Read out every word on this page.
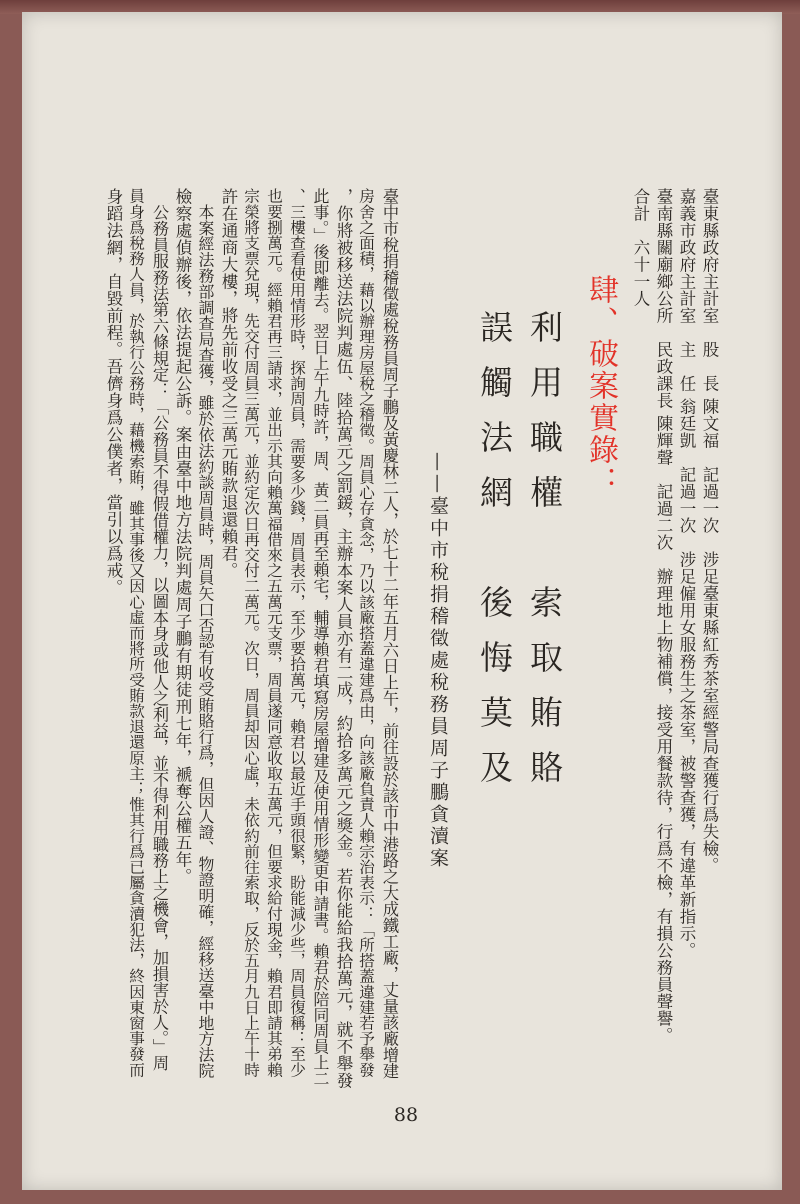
臺東縣政府主計室　股　長 陳文福　記過一次　涉足臺東縣紅秀茶室經警局查獲行爲失檢。
嘉義市政府主計室　主　任 翁廷凱　記過一次　涉足僱用女服務生之茶室，被警查獲，有違革新指示。
臺南縣關廟鄉公所　民政課長 陳輝聲　記過二次　辦理地上物補償，接受用餐款待，行爲不檢，有損公務員聲譽。
合計　六十一人
肆、破案實錄：
利用職權　索取賄賂
誤觸法網　後悔莫及
——臺中市稅捐稽徵處稅務員周子鵬貪瀆案
臺中市稅捐稽徵處稅務員周子鵬及黃慶林二人，於七十二年五月六日上午，前往設於該市中港路之大成鐵工廠，丈量該廠增建
房舍之面積，藉以辦理房屋稅之稽徵。周員心存貪念，乃以該廠搭蓋違建爲由，向該廠負責人賴宗治表示：「所搭蓋違建若予舉發
，你將被移送法院判處伍、陸拾萬元之罰鍰，主辦本案人員亦有二成，約拾多萬元之獎金。若你能給我拾萬元，就不舉發
此事。」後即離去。翌日上午九時許，周、黃二員再至賴宅，輔導賴君填寫房屋增建及使用情形變更申請書。賴君於陪同周員上二
、三樓查看使用情形時，探詢周員，需要多少錢，周員表示，至少要拾萬元，賴君以最近手頭很緊，盼能減少些，周員復稱：至少
也要捌萬元。經賴君再三請求，並出示其向賴萬福借來之五萬元支票，周員遂同意收取五萬元，但要求給付現金，賴君即請其弟賴
宗榮將支票兌現，先交付周員三萬元，並約定次日再交付二萬元。次日，周員却因心虛，未依約前往索取，反於五月九日上午十時
許在通商大樓，將先前收受之三萬元賄款退還賴君。
　本案經法務部調查局查獲，雖於依法約談周員時，周員矢口否認有收受賄賂行爲，但因人證、物證明確，經移送臺中地方法院
檢察處偵辦後，依法提起公訴。案由臺中地方法院判處周子鵬有期徒刑七年，褫奪公權五年。
　公務員服務法第六條規定：「公務員不得假借權力，以圖本身或他人之利益，並不得利用職務上之機會，加損害於人。」周
員身爲稅務人員，於執行公務時，藉機索賄，雖其事後又因心虛而將所受賄款退還原主；惟其行爲已屬貪瀆犯法，終因東窗事發而
身蹈法網，自毀前程。吾儕身爲公僕者，當引以爲戒。
88
